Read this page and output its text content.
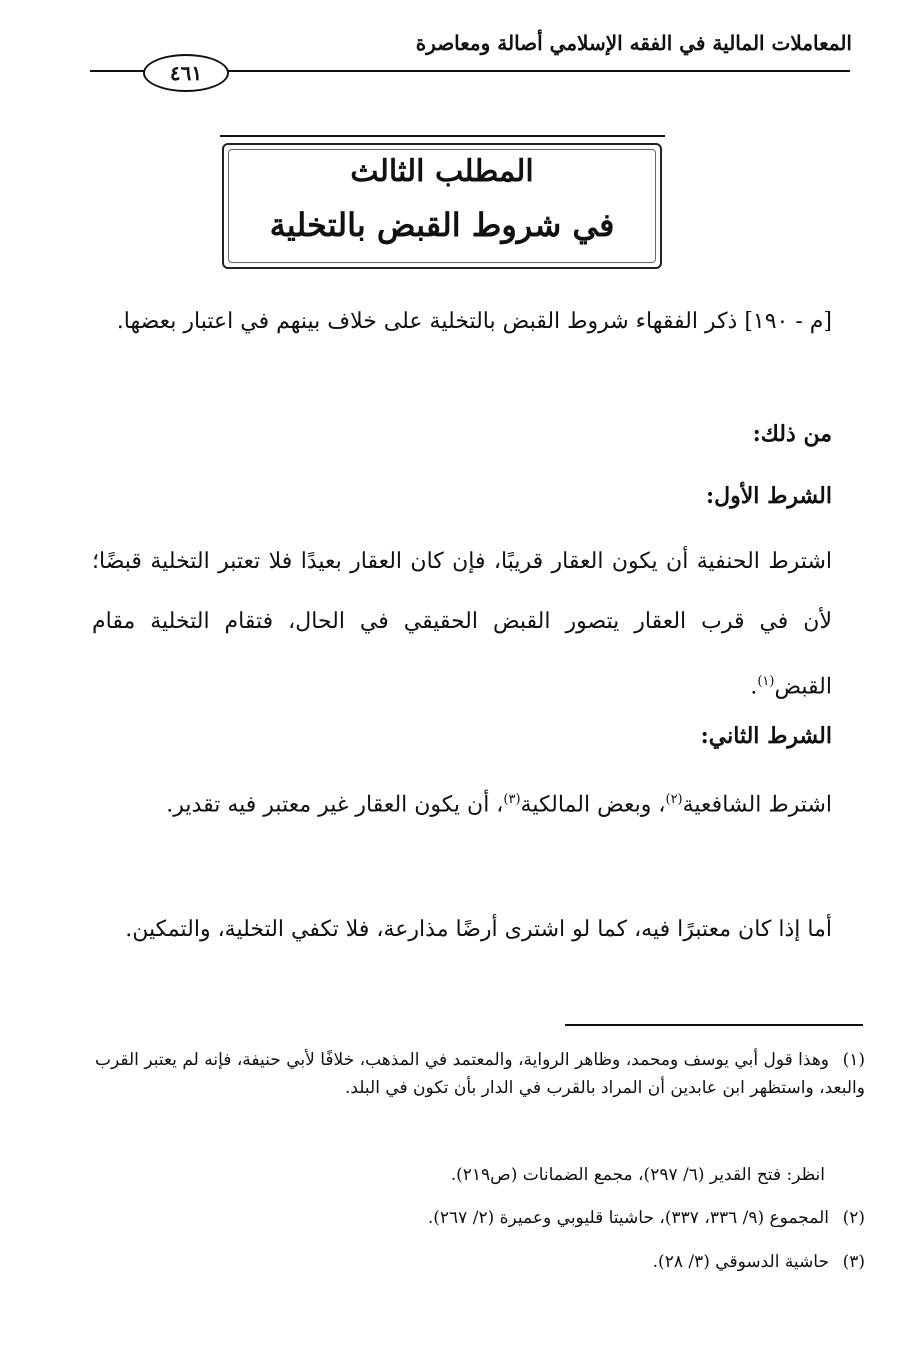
المعاملات المالية في الفقه الإسلامي أصالة ومعاصرة
٤٦١
المطلب الثالث
في شروط القبض بالتخلية
[م - ١٩٠] ذكر الفقهاء شروط القبض بالتخلية على خلاف بينهم في اعتبار بعضها.
من ذلك:
الشرط الأول:
اشترط الحنفية أن يكون العقار قريبًا، فإن كان العقار بعيدًا فلا تعتبر التخلية قبضًا؛ لأن في قرب العقار يتصور القبض الحقيقي في الحال، فتقام التخلية مقام القبض$^{(١)}$.
الشرط الثاني:
اشترط الشافعية$^{(٢)}$، وبعض المالكية$^{(٣)}$، أن يكون العقار غير معتبر فيه تقدير.
أما إذا كان معتبرًا فيه، كما لو اشترى أرضًا مذارعة، فلا تكفي التخلية، والتمكين.
(١)وهذا قول أبي يوسف ومحمد، وظاهر الرواية، والمعتمد في المذهب، خلافًا لأبي حنيفة، فإنه لم يعتبر القرب والبعد، واستظهر ابن عابدين أن المراد بالقرب في الدار بأن تكون في البلد.
انظر: فتح القدير (٦/ ٢٩٧)، مجمع الضمانات (ص٢١٩).
(٢)المجموع (٩/ ٣٣٦، ٣٣٧)، حاشيتا قليوبي وعميرة (٢/ ٢٦٧).
(٣)حاشية الدسوقي (٣/ ٢٨).
